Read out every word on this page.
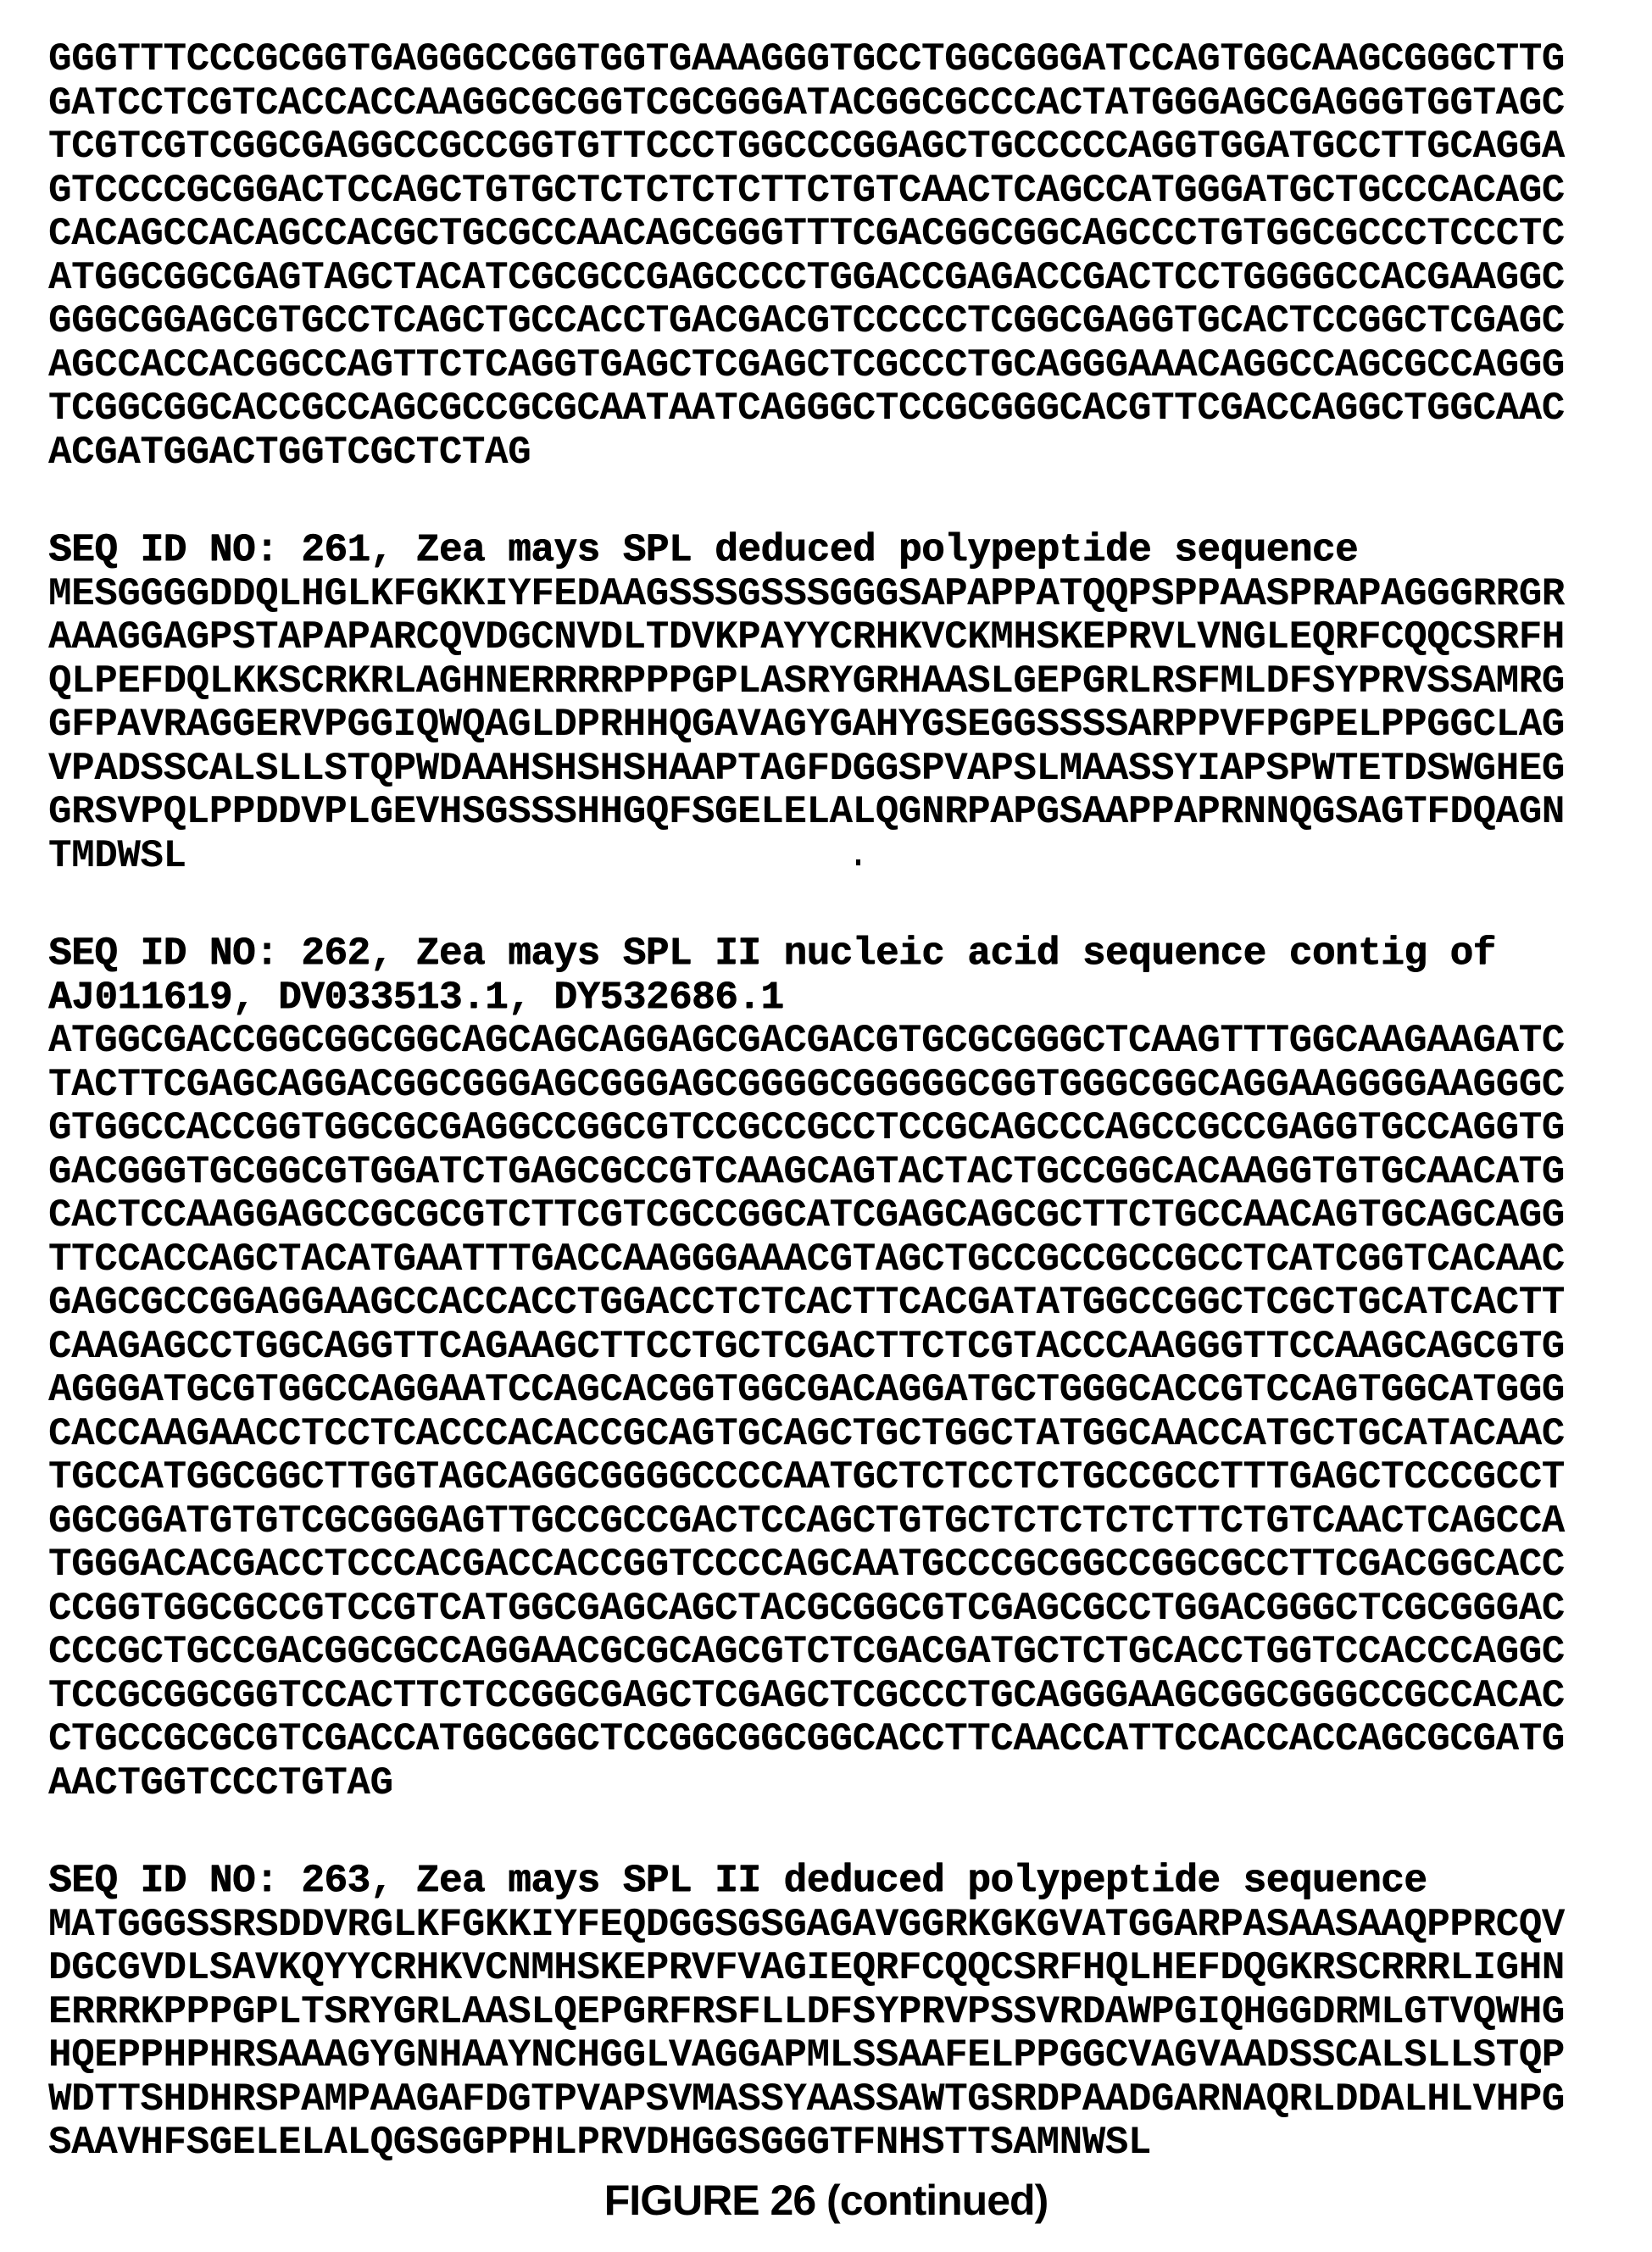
GGGTTTCCCGCGGTGAGGGCCGGTGGTGAAAGGGTGCCTGGCGGGATCCAGTGGCAAGCGGGCTTG
GATCCTCGTCACCACCAAGGCGCGGTCGCGGGATACGGCGCCCACTATGGGAGCGAGGGTGGTAGC
TCGTCGTCGGCGAGGCCGCCGGTGTTCCCTGGCCCGGAGCTGCCCCCAGGTGGATGCCTTGCAGGA
GTCCCCGCGGACTCCAGCTGTGCTCTCTCTCTTCTGTCAACTCAGCCATGGGATGCTGCCCACAGC
CACAGCCACAGCCACGCTGCGCCAACAGCGGGTTTCGACGGCGGCAGCCCTGTGGCGCCCTCCCTC
ATGGCGGCGAGTAGCTACATCGCGCCGAGCCCCTGGACCGAGACCGACTCCTGGGGCCACGAAGGC
GGGCGGAGCGTGCCTCAGCTGCCACCTGACGACGTCCCCCTCGGCGAGGTGCACTCCGGCTCGAGC
AGCCACCACGGCCAGTTCTCAGGTGAGCTCGAGCTCGCCCTGCAGGGAAACAGGCCAGCGCCAGGG
TCGGCGGCACCGCCAGCGCCGCGCAATAATCAGGGCTCCGCGGGCACGTTCGACCAGGCTGGCAAC
ACGATGGACTGGTCGCTCTAG
SEQ ID NO: 261, Zea mays SPL deduced polypeptide sequence
MESGGGGDDQLHGLKFGKKIYFEDAAGSSSGSSSGGGSAPAPPATQQPSPPAASPRAPAGGGRRGR
AAAGGAGPSTAPAPARCQVDGCNVDLTDVKPAYYCRHKVCKMHSKEPRVLVNGLEQRFCQQCSRFH
QLPEFDQLKKSCRKRLAGHNERRRRPPPGPLASRYGRHAASLGEPGRLRSFMLDFSYPRVSSAMRG
GFPAVRAGGERVPGGIQWQAGLDPRHHQGAVAGYGAHYGSEGGSSSSARPPVFPGPELPPGGCLAG
VPADSSCALSLLSTQPWDAAHSHSHSHAAPTAGFDGGSPVAPSLMAASSYIAPSPWTETDSWGHEG
GRSVPQLPPDDVPLGEVHSGSSSHHGQFSGELELALQGNRPAPGSAAPPAPRNNQGSAGTFDQAGN
TMDWSL
SEQ ID NO: 262, Zea mays SPL II nucleic acid sequence contig of
AJ011619, DV033513.1, DY532686.1
ATGGCGACCGGCGGCGGCAGCAGCAGGAGCGACGACGTGCGCGGGCTCAAGTTTGGCAAGAAGATC
TACTTCGAGCAGGACGGCGGGAGCGGGAGCGGGGCGGGGGCGGTGGGCGGCAGGAAGGGGAAGGGC
GTGGCCACCGGTGGCGCGAGGCCGGCGTCCGCCGCCTCCGCAGCCCAGCCGCCGAGGTGCCAGGTG
GACGGGTGCGGCGTGGATCTGAGCGCCGTCAAGCAGTACTACTGCCGGCACAAGGTGTGCAACATG
CACTCCAAGGAGCCGCGCGTCTTCGTCGCCGGCATCGAGCAGCGCTTCTGCCAACAGTGCAGCAGG
TTCCACCAGCTACATGAATTTGACCAAGGGAAACGTAGCTGCCGCCGCCGCCTCATCGGTCACAAC
GAGCGCCGGAGGAAGCCACCACCTGGACCTCTCACTTCACGATATGGCCGGCTCGCTGCATCACTT
CAAGAGCCTGGCAGGTTCAGAAGCTTCCTGCTCGACTTCTCGTACCCAAGGGTTCCAAGCAGCGTG
AGGGATGCGTGGCCAGGAATCCAGCACGGTGGCGACAGGATGCTGGGCACCGTCCAGTGGCATGGG
CACCAAGAACCTCCTCACCCACACCGCAGTGCAGCTGCTGGCTATGGCAACCATGCTGCATACAAC
TGCCATGGCGGCTTGGTAGCAGGCGGGGCCCCAATGCTCTCCTCTGCCGCCTTTGAGCTCCCGCCT
GGCGGATGTGTCGCGGGAGTTGCCGCCGACTCCAGCTGTGCTCTCTCTCTTCTGTCAACTCAGCCA
TGGGACACGACCTCCCACGACCACCGGTCCCCAGCAATGCCCGCGGCCGGCGCCTTCGACGGCACC
CCGGTGGCGCCGTCCGTCATGGCGAGCAGCTACGCGGCGTCGAGCGCCTGGACGGGCTCGCGGGAC
CCCGCTGCCGACGGCGCCAGGAACGCGCAGCGTCTCGACGATGCTCTGCACCTGGTCCACCCAGGC
TCCGCGGCGGTCCACTTCTCCGGCGAGCTCGAGCTCGCCCTGCAGGGAAGCGGCGGGCCGCCACAC
CTGCCGCGCGTCGACCATGGCGGCTCCGGCGGCGGCACCTTCAACCATTCCACCACCAGCGCGATG
AACTGGTCCCTGTAG
SEQ ID NO: 263, Zea mays SPL II deduced polypeptide sequence
MATGGGSSRSDDVRGLKFGKKIYFEQDGGSGSGAGAVGGRKGKGVATGGARPASAASAAQPPRCQV
DGCGVDLSAVKQYYCRHKVCNMHSKEPRVFVAGIEQRFCQQCSRFHQLHEFDQGKRSCRRRLIGHN
ERRRKPPPGPLTSRYGRLAASLQEPGRFRSFLLDFSYPRVPSSVRDAWPGIQHGGDRMLGTVQWHG
HQEPPHPHRSAAAGYGNHAAYNCHGGLVAGGAPMLSSAAFELPPGGCVAGVAADSSCALSLLSTQP
WDTTSHDHRSPAMPAAGAFDGTPVAPSVMASSYAASSAWTGSRDPAADGARNAQRLDDALHLVHPG
SAAVHFSGELELALQGSGGPPHLPRVDHGGSGGGTFNHSTTSAMNWSL
FIGURE 26 (continued)
